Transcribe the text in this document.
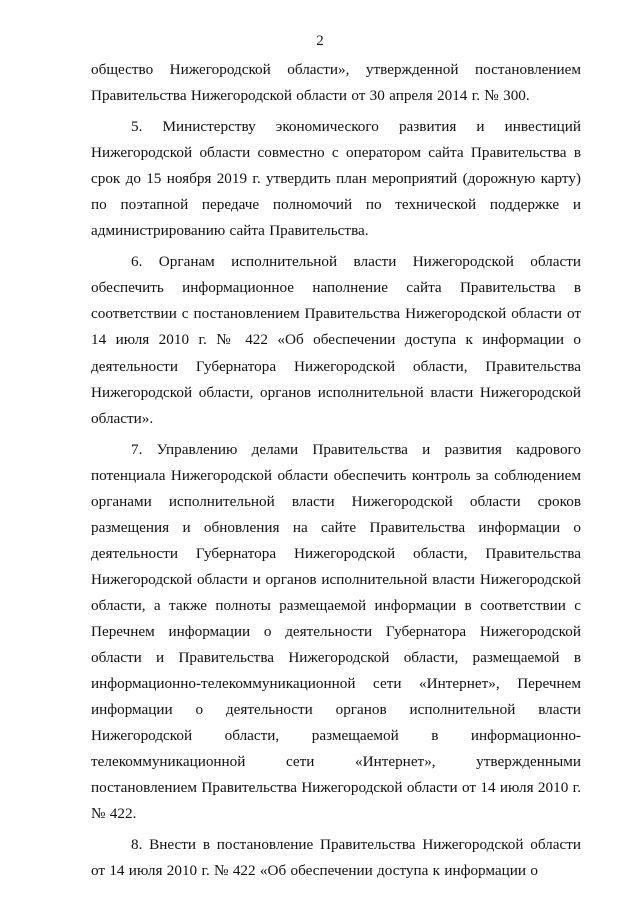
2

общество Нижегородской области», утвержденной постановлением Правительства Нижегородской области от 30 апреля 2014 г. № 300.

5. Министерству экономического развития и инвестиций Нижегородской области совместно с оператором сайта Правительства в срок до 15 ноября 2019 г. утвердить план мероприятий (дорожную карту) по поэтапной передаче полномочий по технической поддержке и администрированию сайта Правительства.

6. Органам исполнительной власти Нижегородской области обеспечить информационное наполнение сайта Правительства в соответствии с постановлением Правительства Нижегородской области от 14 июля 2010 г. № 422 «Об обеспечении доступа к информации о деятельности Губернатора Нижегородской области, Правительства Нижегородской области, органов исполнительной власти Нижегородской области».

7. Управлению делами Правительства и развития кадрового потенциала Нижегородской области обеспечить контроль за соблюдением органами исполнительной власти Нижегородской области сроков размещения и обновления на сайте Правительства информации о деятельности Губернатора Нижегородской области, Правительства Нижегородской области и органов исполнительной власти Нижегородской области, а также полноты размещаемой информации в соответствии с Перечнем информации о деятельности Губернатора Нижегородской области и Правительства Нижегородской области, размещаемой в информационно-телекоммуникационной сети «Интернет», Перечнем информации о деятельности органов исполнительной власти Нижегородской области, размещаемой в информационно-телекоммуникационной сети «Интернет», утвержденными постановлением Правительства Нижегородской области от 14 июля 2010 г. № 422.

8. Внести в постановление Правительства Нижегородской области от 14 июля 2010 г. № 422 «Об обеспечении доступа к информации о
